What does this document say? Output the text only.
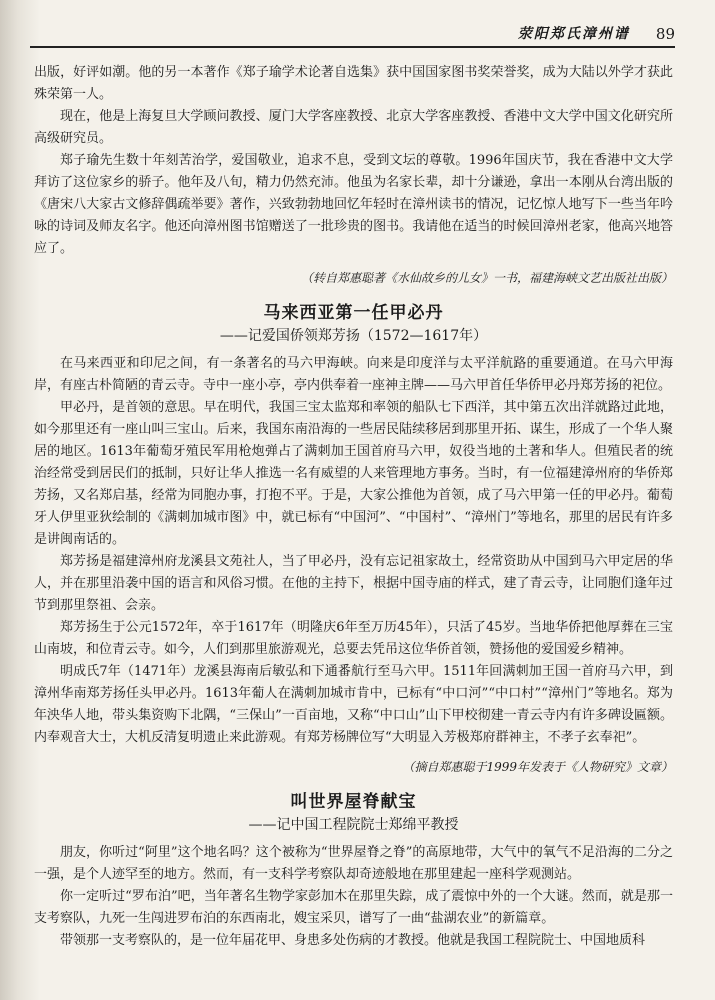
荥阳郑氏漳州谱 89

出版，好评如潮。他的另一本著作《郑子瑜学术论著自选集》获中国国家图书奖荣誉奖，成为大陆以外学才获此殊荣第一人。

现在，他是上海复旦大学顾问教授、厦门大学客座教授、北京大学客座教授、香港中文大学中国文化研究所高级研究员。

郑子瑜先生数十年刻苦治学，爱国敬业，追求不息，受到文坛的尊敬。1996年国庆节，我在香港中文大学拜访了这位家乡的骄子。他年及八旬，精力仍然充沛。他虽为名家长辈，却十分谦逊，拿出一本刚从台湾出版的《唐宋八大家古文修辞偶疏举要》著作，兴致勃勃地回忆年轻时在漳州读书的情况，记忆惊人地写下一些当年吟咏的诗词及师友名字。他还向漳州图书馆赠送了一批珍贵的图书。我请他在适当的时候回漳州老家，他高兴地答应了。

（转自郑惠聪著《水仙故乡的儿女》一书，福建海峡文艺出版社出版）
马来西亚第一任甲必丹
——记爱国侨领郑芳扬（1572—1617年）

在马来西亚和印尼之间，有一条著名的马六甲海峡。向来是印度洋与太平洋航路的重要通道。在马六甲海岸，有座古朴简陋的青云寺。寺中一座小亭，亭内供奉着一座神主牌——马六甲首任华侨甲必丹郑芳扬的祀位。

甲必丹，是首领的意思。早在明代，我国三宝太监郑和率领的船队七下西洋，其中第五次出洋就路过此地，如今那里还有一座山叫三宝山。后来，我国东南沿海的一些居民陆续移居到那里开拓、谋生，形成了一个华人聚居的地区。1613年葡萄牙殖民军用枪炮弹占了满刺加王国首府马六甲，奴役当地的土著和华人。但殖民者的统治经常受到居民们的抵制，只好让华人推选一名有威望的人来管理地方事务。当时，有一位福建漳州府的华侨郑芳扬，又名郑启基，经常为同胞办事，打抱不平。于是，大家公推他为首领，成了马六甲第一任的甲必丹。葡萄牙人伊里亚狄绘制的《满刺加城市图》中，就已标有“中国河”、“中国村”、“漳州门”等地名，那里的居民有许多是讲闽南话的。

郑芳扬是福建漳州府龙溪县文苑社人，当了甲必丹，没有忘记祖家故土，经常资助从中国到马六甲定居的华人，并在那里沿袭中国的语言和风俗习惯。在他的主持下，根据中国寺庙的样式，建了青云寺，让同胞们逢年过节到那里祭祖、会亲。

郑芳扬生于公元1572年，卒于1617年（明隆庆6年至万历45年），只活了45岁。当地华侨把他厚葬在三宝山南坡，和位青云寺。如今，人们到那里旅游观光，总要去凭吊这位华侨首领，赞扬他的爱国爱乡精神。

明成氏7年（1471年）龙溪县海南后敏弘和下通番航行至马六甲。1511年回满刺加王国一首府马六甲，到漳州华南郑芳扬任头甲必丹。1613年葡人在满刺加城市肯中，已标有“中口河”“中口村”“漳州门”等地名。郑为年泱华人地，带头集资购下北隅，“三保山”一百亩地，又称“中口山”山下甲校彻建一青云寺内有许多碑设匾额。内奉观音大士，大机反清复明遗止来此游观。有郑芳杨牌位写“大明显入芳极郑府群神主，不孝子玄奉祀”。

（摘自郑惠聪于1999年发表于《人物研究》文章）
叫世界屋脊献宝
——记中国工程院院士郑绵平教授

朋友，你听过“阿里”这个地名吗？这个被称为“世界屋脊之脊”的高原地带，大气中的氧气不足沿海的二分之一强，是个人迹罕至的地方。然而，有一支科学考察队却奇迹般地在那里建起一座科学观测站。

你一定听过“罗布泊”吧，当年著名生物学家彭加木在那里失踪，成了震惊中外的一个大谜。然而，就是那一支考察队，九死一生闯进罗布泊的东西南北，嫂宝采贝，谱写了一曲“盐湖农业”的新篇章。

带领那一支考察队的，是一位年届花甲、身患多处伤病的才教授。他就是我国工程院院士、中国地质科
